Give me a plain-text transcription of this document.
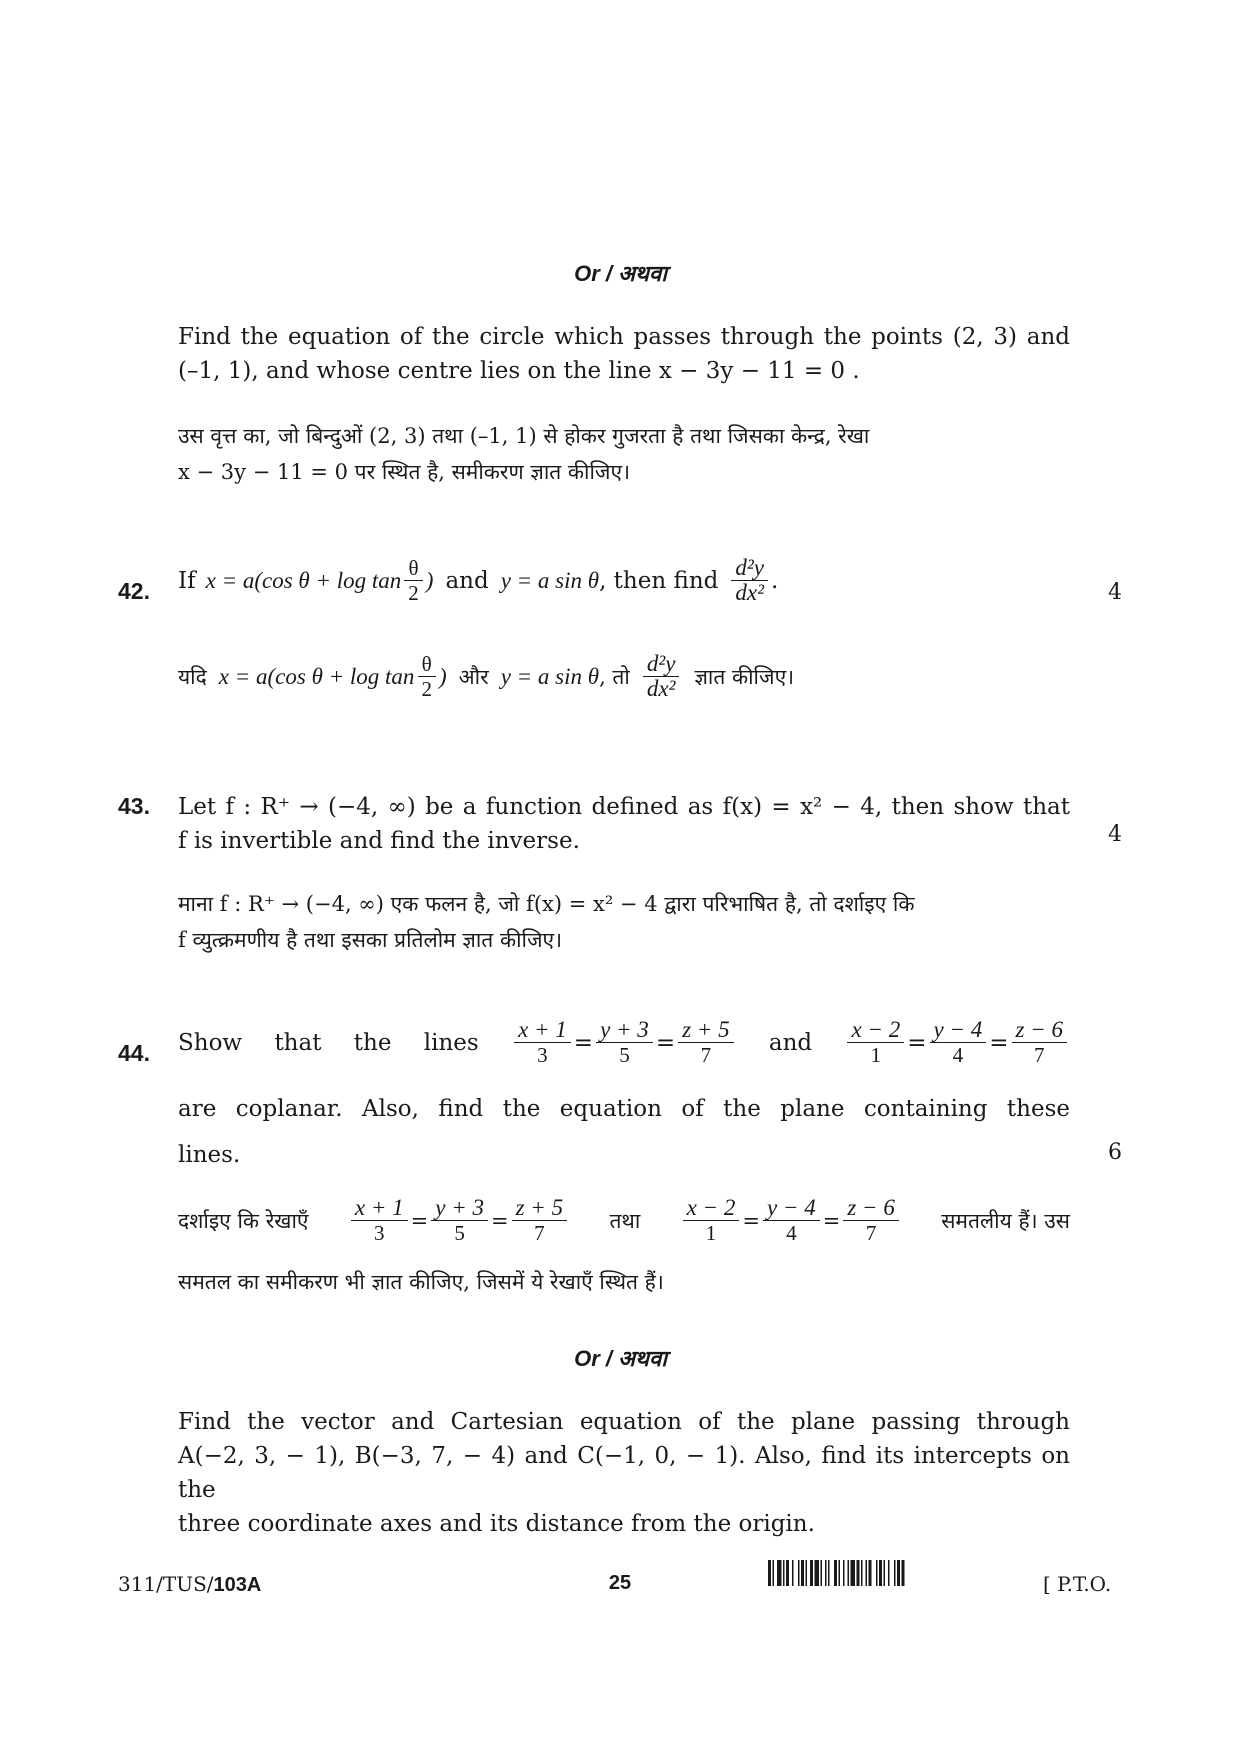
Or / अथवा
Find the equation of the circle which passes through the points (2, 3) and
(–1, 1), and whose centre lies on the line x − 3y − 11 = 0 .
उस वृत्त का, जो बिन्दुओं (2, 3) तथा (–1, 1) से होकर गुजरता है तथा जिसका केन्द्र, रेखा
x − 3y − 11 = 0 पर स्थित है, समीकरण ज्ञात कीजिए।
42. If x = a(cos $\theta + \log \tan \frac{\theta}{2}$ ) and y = a sin θ , then find $\frac{\text{d²y}}{\text{dx²}}$ .	4
यदि x = a(cos $\theta + \log \tan \frac{\theta}{2}$ ) और y = a sin θ , तो $\frac{\text{d²y}}{\text{dx²}}$ ज्ञात कीजिए।
43. Let f : R⁺ → (−4, ∞) be a function defined as f(x) = x² − 4, then show that
f is invertible and find the inverse.	4
माना f : R⁺ → (−4, ∞) एक फलन है, जो f(x) = x² − 4 द्वारा परिभाषित है, तो दर्शाइए कि
f व्युत्क्रमणीय है तथा इसका प्रतिलोम ज्ञात कीजिए।
44. Show that the lines $\frac{x + 1}{3} = \frac{y + 3}{5} = \frac{z + 5}{7}$ and $\frac{x - 2}{1} = \frac{y - 4}{4} = \frac{z - 6}{7}$
are coplanar. Also, find the equation of the plane containing these
lines.	6
दर्शाइए कि रेखाएँ $\frac{x + 1}{3} = \frac{y + 3}{5} = \frac{z + 5}{7}$ तथा $\frac{x - 2}{1} = \frac{y - 4}{4} = \frac{z - 6}{7}$ समतलीय हैं। उस
समतल का समीकरण भी ज्ञात कीजिए, जिसमें ये रेखाएँ स्थित हैं।
Or / अथवा
Find the vector and Cartesian equation of the plane passing through
A(−2, 3, − 1), B(−3, 7, − 4) and C(−1, 0, − 1). Also, find its intercepts on the
three coordinate axes and its distance from the origin.
311/TUS/103A	25	[ P.T.O.
